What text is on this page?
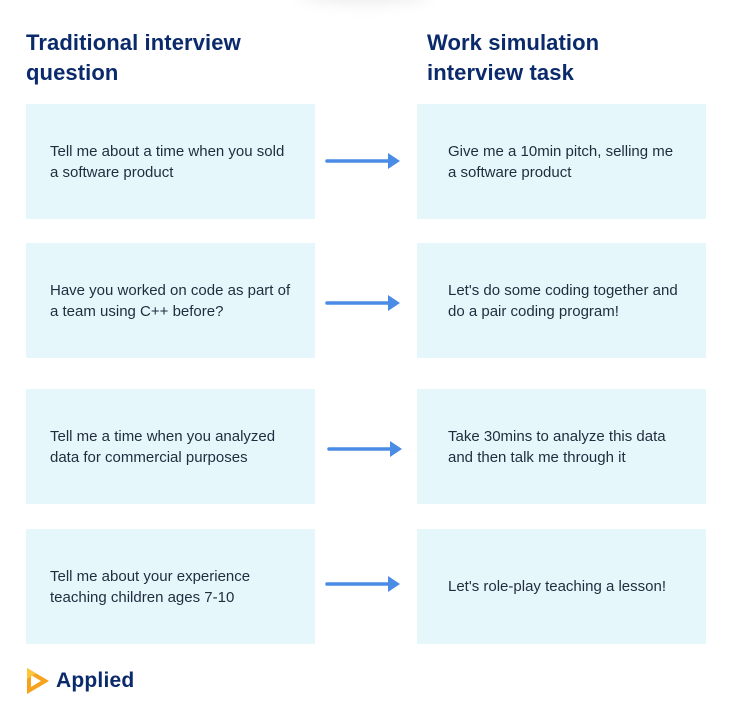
Traditional interview question
Work simulation interview task
Tell me about a time when you sold a software product
Give me a 10min pitch, selling me a software product
Have you worked on code as part of a team using C++ before?
Let's do some coding together and do a pair coding program!
Tell me a time when you analyzed data for commercial purposes
Take 30mins to analyze this data and then talk me through it
Tell me about your experience teaching children ages 7-10
Let's role-play teaching a lesson!
Applied
